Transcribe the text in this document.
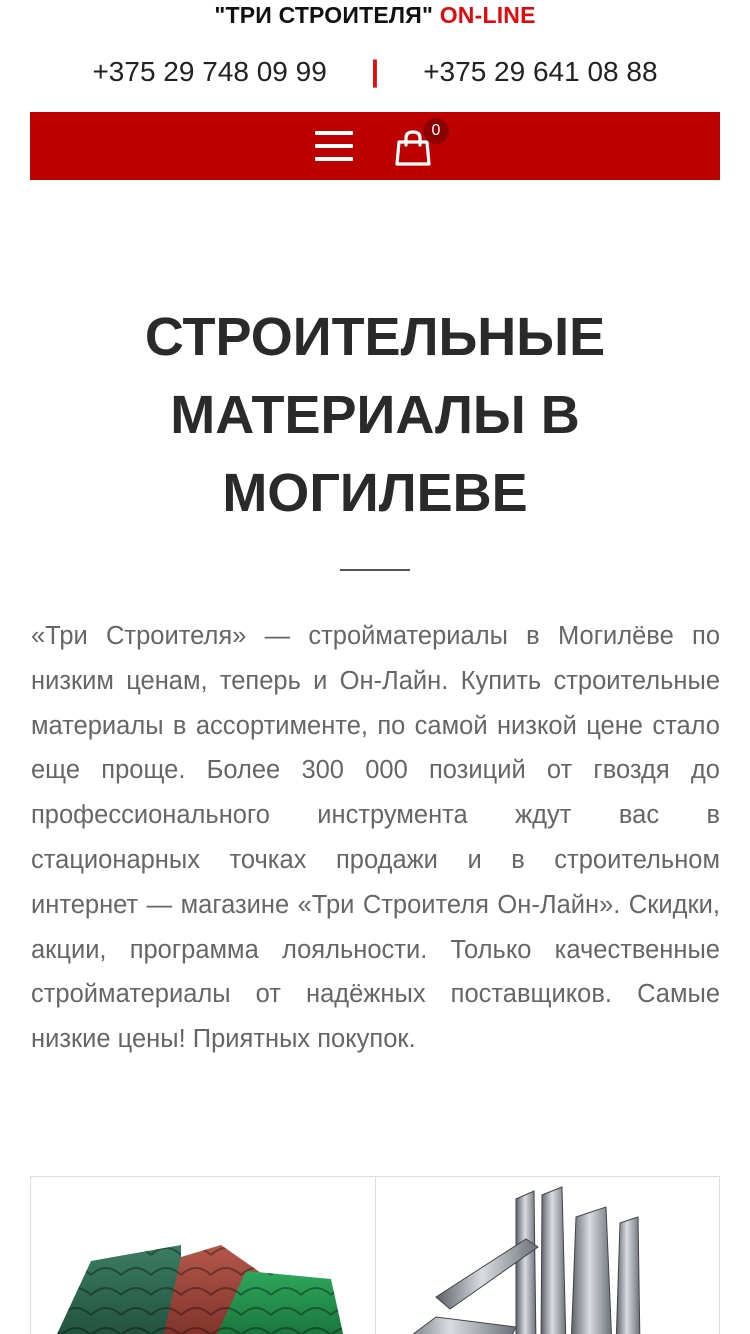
"ТРИ СТРОИТЕЛЯ" ON-LINE
+375 29 748 09 99 | +375 29 641 08 88
0
СТРОИТЕЛЬНЫЕ МАТЕРИАЛЫ В МОГИЛЕВЕ

«Три Строителя» — стройматериалы в Могилёве по низким ценам, теперь и Он-Лайн. Купить строительные материалы в ассортименте, по самой низкой цене стало еще проще. Более 300 000 позиций от гвоздя до профессионального инструмента ждут вас в стационарных точках продажи и в строительном интернет — магазине «Три Строителя Он-Лайн». Скидки, акции, программа лояльности. Только качественные стройматериалы от надёжных поставщиков. Самые низкие цены! Приятных покупок.
